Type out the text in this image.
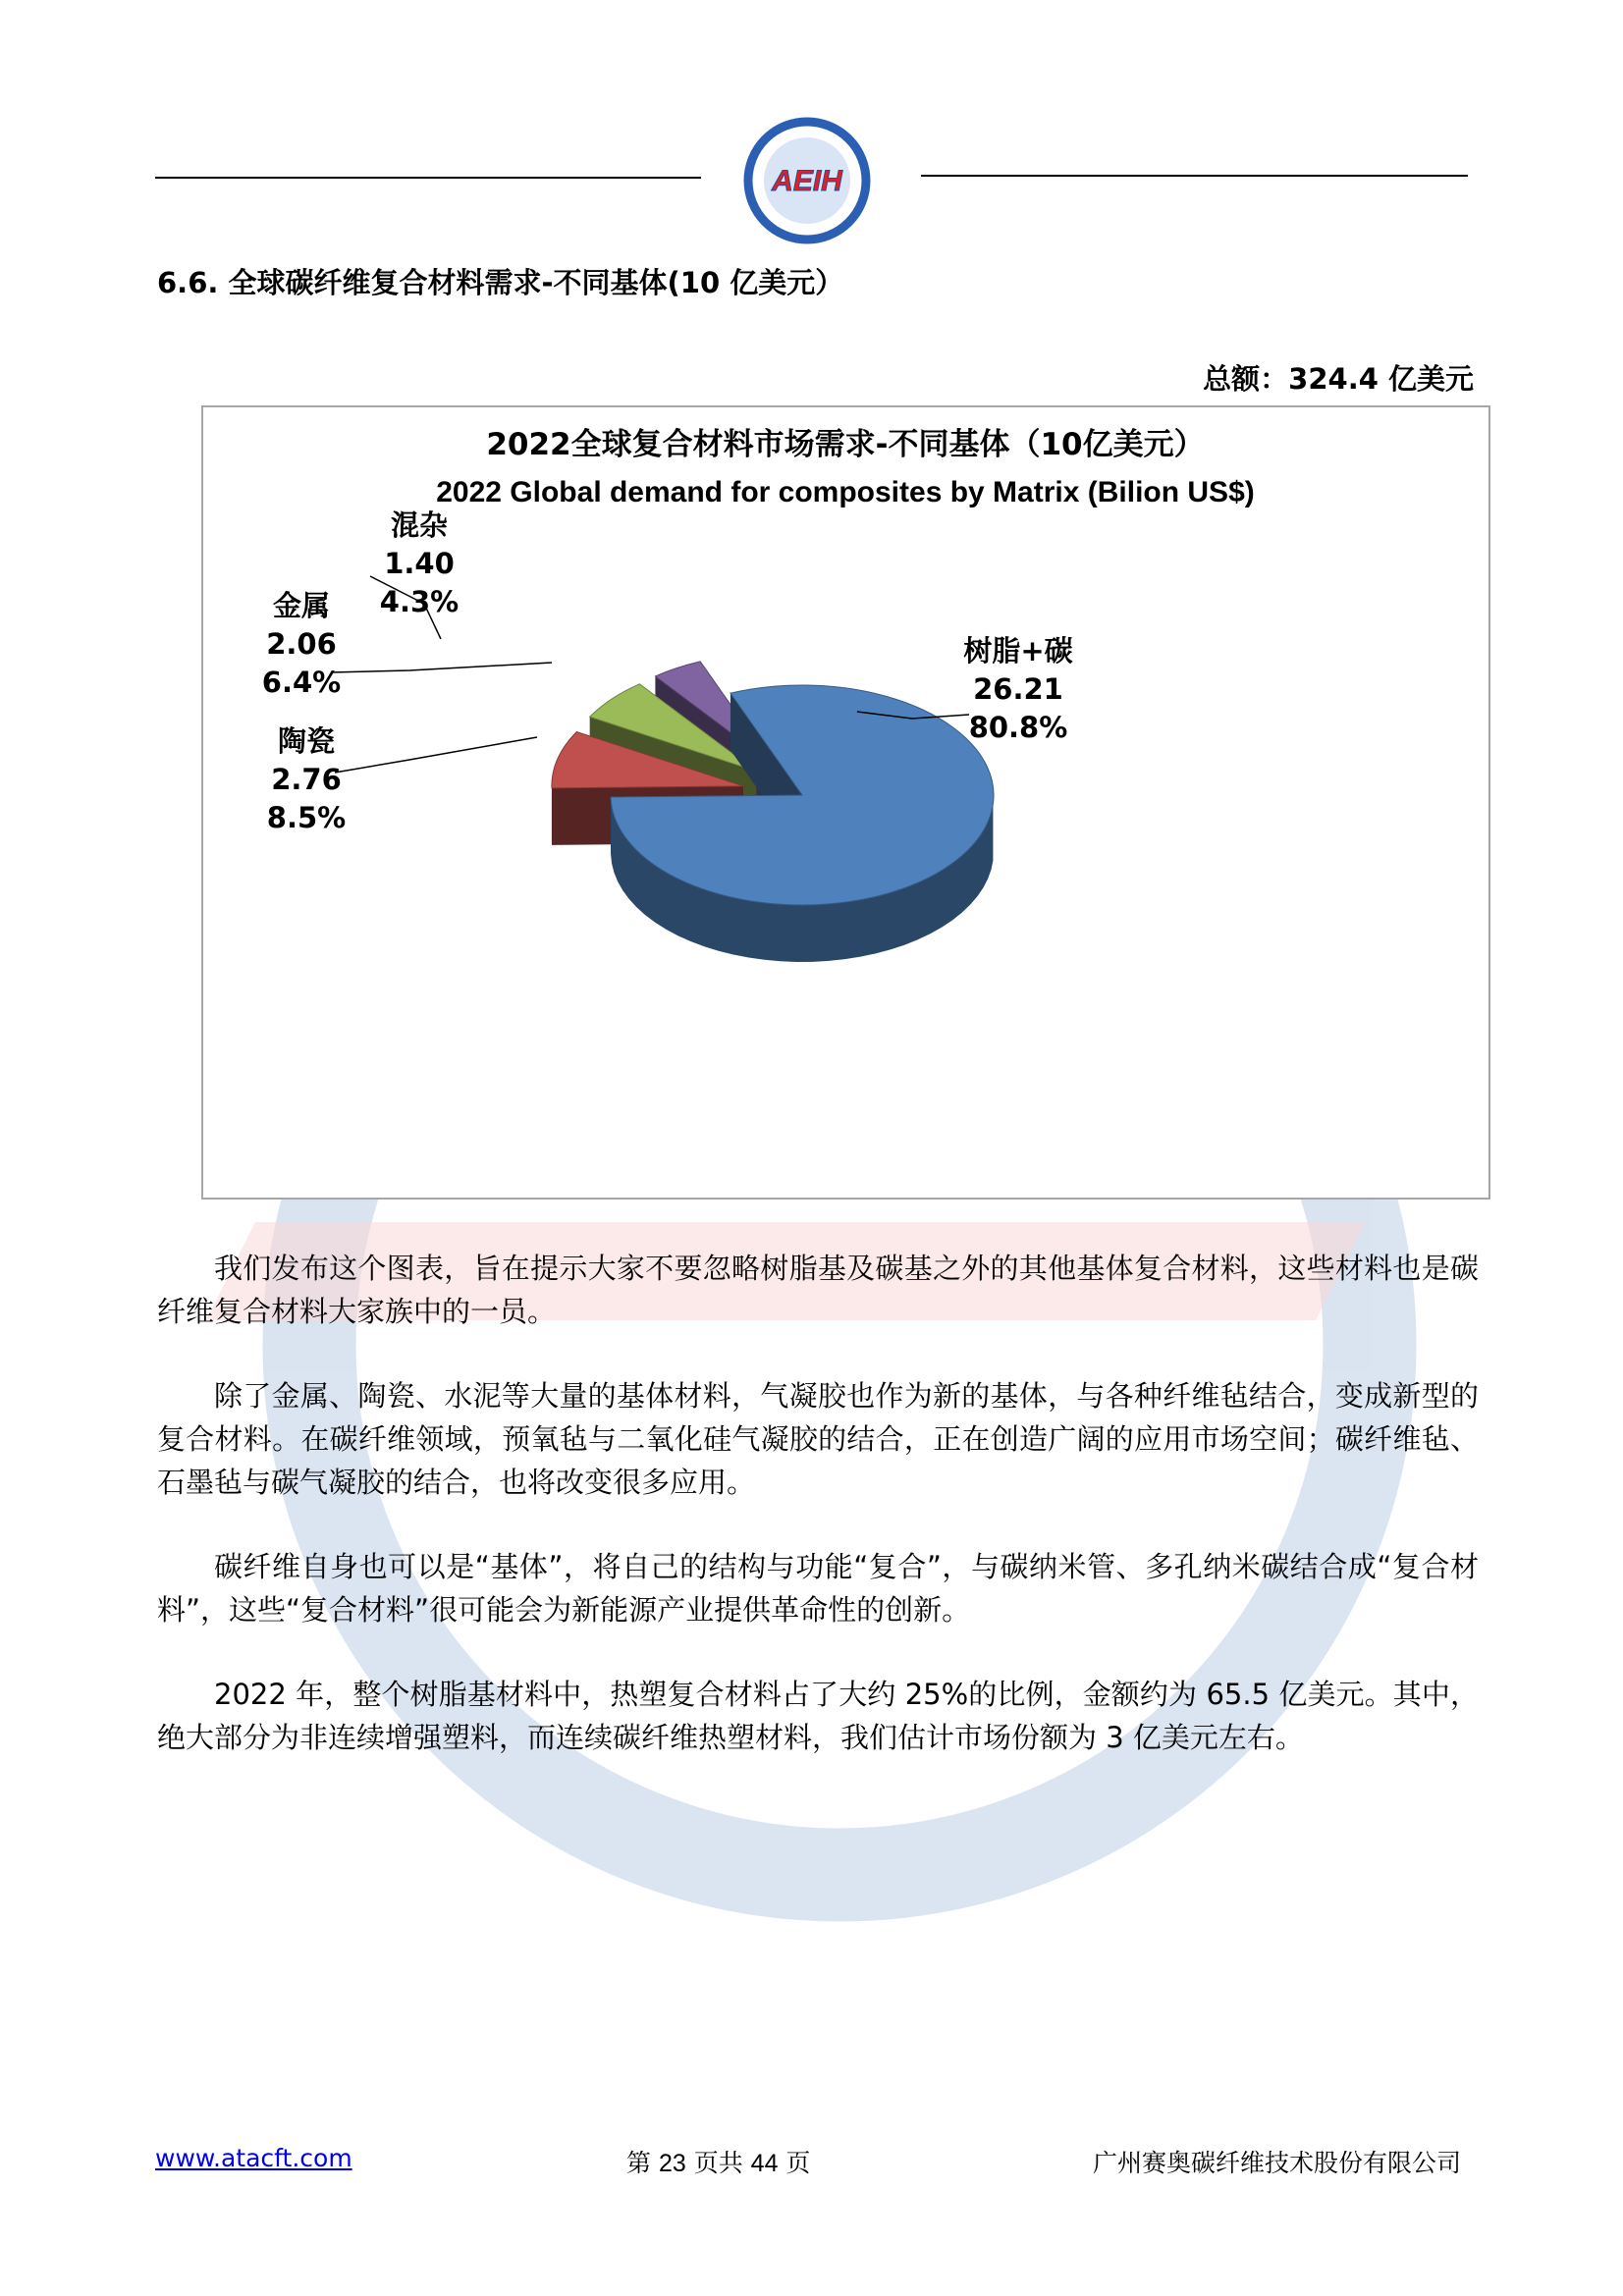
AEIH
6.6. 全球碳纤维复合材料需求-不同基体(10 亿美元）
总额：324.4 亿美元
2022全球复合材料市场需求-不同基体（10亿美元）
2022 Global demand for composites by Matrix (Bilion US$)
树脂+碳 26.21 80.8%
陶瓷 2.76 8.5%
金属 2.06 6.4%
混杂 1.40 4.3%

我们发布这个图表，旨在提示大家不要忽略树脂基及碳基之外的其他基体复合材料，这些材料也是碳纤维复合材料大家族中的一员。

除了金属、陶瓷、水泥等大量的基体材料，气凝胶也作为新的基体，与各种纤维毡结合，变成新型的复合材料。在碳纤维领域，预氧毡与二氧化硅气凝胶的结合，正在创造广阔的应用市场空间；碳纤维毡、石墨毡与碳气凝胶的结合，也将改变很多应用。

碳纤维自身也可以是“基体”，将自己的结构与功能“复合”，与碳纳米管、多孔纳米碳结合成“复合材料”，这些“复合材料”很可能会为新能源产业提供革命性的创新。

2022 年，整个树脂基材料中，热塑复合材料占了大约 25%的比例，金额约为 65.5 亿美元。其中，绝大部分为非连续增强塑料，而连续碳纤维热塑材料，我们估计市场份额为 3 亿美元左右。

www.atacft.com	第 23 页共 44 页	广州赛奥碳纤维技术股份有限公司
